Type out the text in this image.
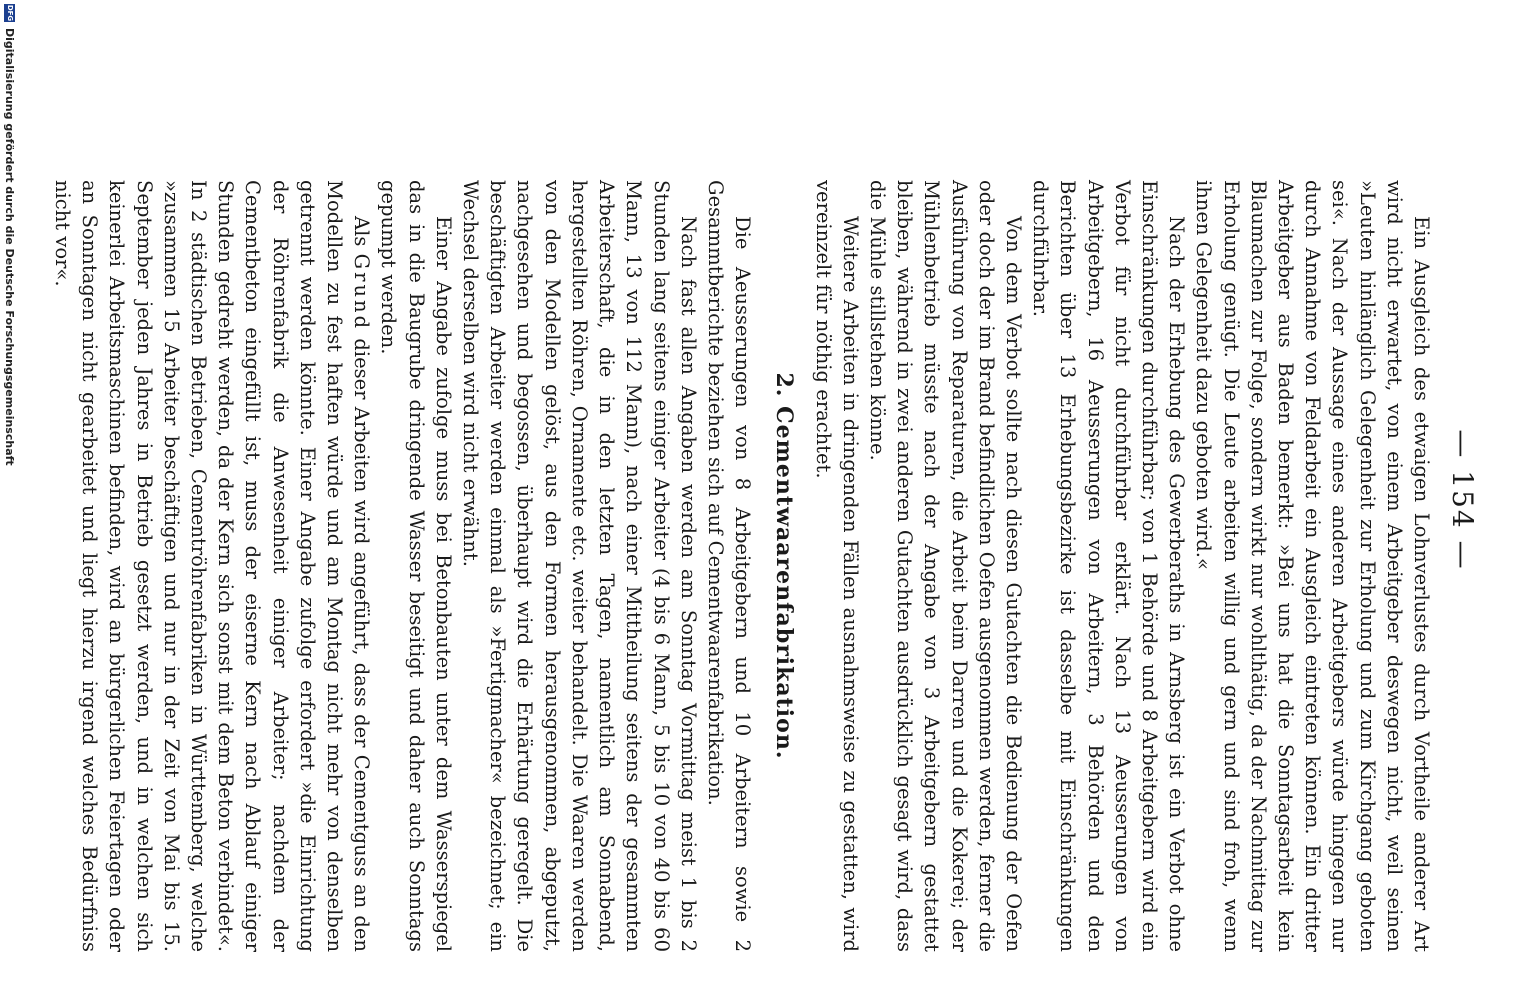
— 154 —

Ein Ausgleich des etwaigen Lohnverlustes durch Vortheile anderer Art wird nicht erwartet, von einem Arbeitgeber deswegen nicht, weil seinen »Leuten hinlänglich Gelegenheit zur Erholung und zum Kirchgang geboten sei«. Nach der Aussage eines anderen Arbeitgebers würde hingegen nur durch Annahme von Feldarbeit ein Ausgleich eintreten können. Ein dritter Arbeitgeber aus Baden bemerkt: »Bei uns hat die Sonntagsarbeit kein Blaumachen zur Folge, sondern wirkt nur wohlthätig, da der Nachmittag zur Erholung genügt. Die Leute arbeiten willig und gern und sind froh, wenn ihnen Gelegenheit dazu geboten wird.«

Nach der Erhebung des Gewerberaths in Arnsberg ist ein Verbot ohne Einschränkungen durchführbar; von 1 Behörde und 8 Arbeitgebern wird ein Verbot für nicht durchführbar erklärt. Nach 13 Aeusserungen von Arbeitgebern, 16 Aeusserungen von Arbeitern, 3 Behörden und den Berichten über 13 Erhebungsbezirke ist dasselbe mit Einschränkungen durchführbar.

Von dem Verbot sollte nach diesen Gutachten die Bedienung der Oefen oder doch der im Brand befindlichen Oefen ausgenommen werden, ferner die Ausführung von Reparaturen, die Arbeit beim Darren und die Kokerei; der Mühlenbetrieb müsste nach der Angabe von 3 Arbeitgebern gestattet bleiben, während in zwei anderen Gutachten ausdrücklich gesagt wird, dass die Mühle stillstehen könne.

Weitere Arbeiten in dringenden Fällen ausnahmsweise zu gestatten, wird vereinzelt für nöthig erachtet.

2. Cementwaarenfabrikation.

Die Aeusserungen von 8 Arbeitgebern und 10 Arbeitern sowie 2 Gesammtberichte beziehen sich auf Cementwaarenfabrikation.

Nach fast allen Angaben werden am Sonntag Vormittag meist 1 bis 2 Stunden lang seitens einiger Arbeiter (4 bis 6 Mann, 5 bis 10 von 40 bis 60 Mann, 13 von 112 Mann), nach einer Mittheilung seitens der gesammten Arbeiterschaft, die in den letzten Tagen, namentlich am Sonnabend, hergestellten Röhren, Ornamente etc. weiter behandelt. Die Waaren werden von den Modellen gelöst, aus den Formen herausgenommen, abgeputzt, nachgesehen und begossen, überhaupt wird die Erhärtung geregelt. Die beschäftigten Arbeiter werden einmal als »Fertigmacher« bezeichnet; ein Wechsel derselben wird nicht erwähnt.

Einer Angabe zufolge muss bei Betonbauten unter dem Wasserspiegel das in die Baugrube dringende Wasser beseitigt und daher auch Sonntags gepumpt werden.

Als Grund dieser Arbeiten wird angeführt, dass der Cementguss an den Modellen zu fest haften würde und am Montag nicht mehr von denselben getrennt werden könnte. Einer Angabe zufolge erfordert »die Einrichtung der Röhrenfabrik die Anwesenheit einiger Arbeiter; nachdem der Cementbeton eingefüllt ist, muss der eiserne Kern nach Ablauf einiger Stunden gedreht werden, da der Kern sich sonst mit dem Beton verbindet«. In 2 städtischen Betrieben, Cementröhrenfabriken in Württemberg, welche »zusammen 15 Arbeiter beschäftigen und nur in der Zeit von Mai bis 15. September jeden Jahres in Betrieb gesetzt werden, und in welchen sich keinerlei Arbeitsmaschinen befinden, wird an bürgerlichen Feiertagen oder an Sonntagen nicht gearbeitet und liegt hierzu irgend welches Bedürfniss nicht vor«.

DFG
Digitalisierung gefördert durch die Deutsche Forschungsgemeinschaft
